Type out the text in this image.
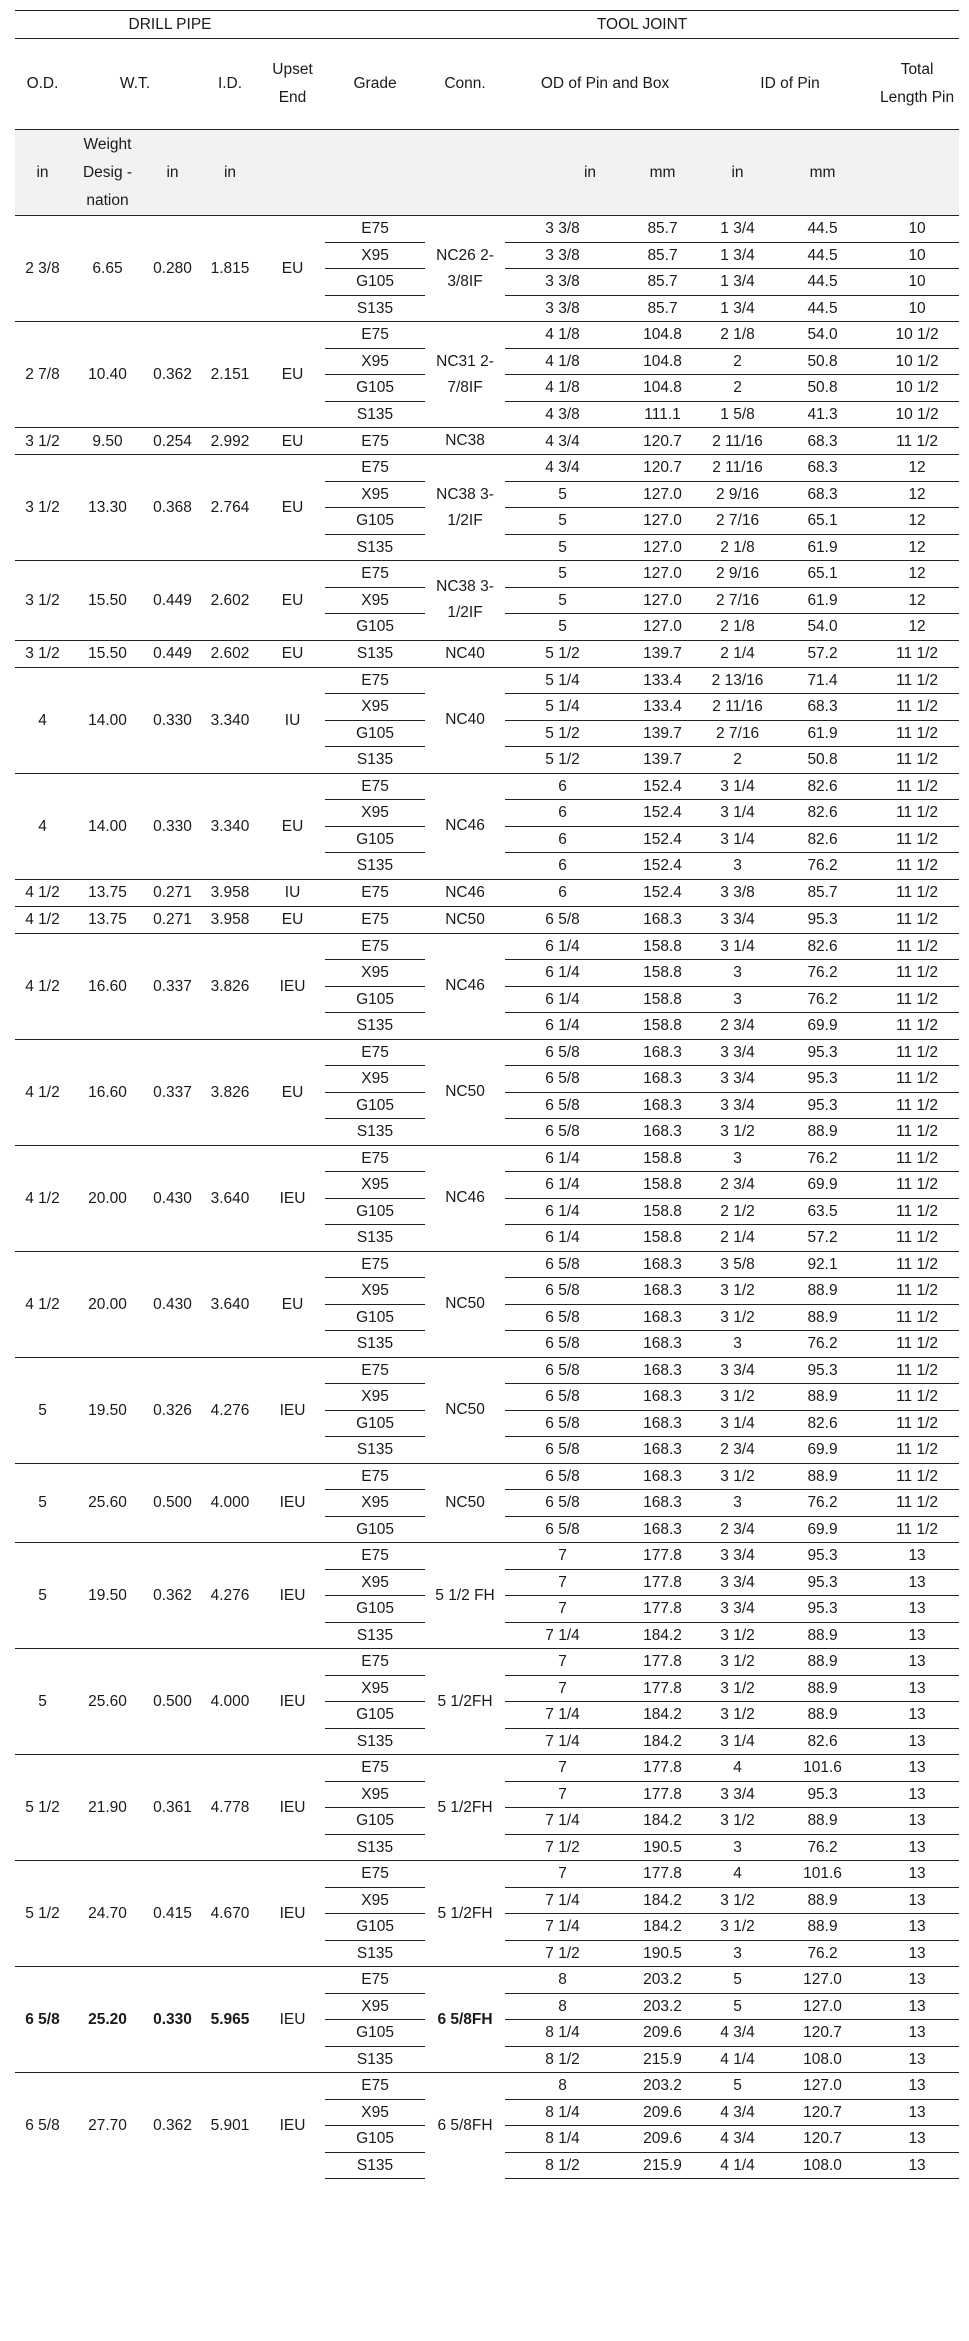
DRILL PIPE					TOOL JOINT							
O.D.	W.T.		I.D.	Upset End	Grade	Conn.	OD of Pin and Box			ID of Pin		Total Length Pin
in	Weight Desig -nation	in	in					in	mm	in	mm	
2 3/8	6.65	0.280	1.815	EU	E75	NC26 2-3/8IF	3 3/8		85.7	1 3/4	44.5	10
					X95		3 3/8		85.7	1 3/4	44.5	10
					G105		3 3/8		85.7	1 3/4	44.5	10
					S135		3 3/8		85.7	1 3/4	44.5	10
2 7/8	10.40	0.362	2.151	EU	E75	NC31 2-7/8IF	4 1/8		104.8	2 1/8	54.0	10 1/2
					X95		4 1/8		104.8	2	50.8	10 1/2
					G105		4 1/8		104.8	2	50.8	10 1/2
					S135		4 3/8		111.1	1 5/8	41.3	10 1/2
3 1/2	9.50	0.254	2.992	EU	E75	NC38	4 3/4		120.7	2 11/16	68.3	11 1/2
3 1/2	13.30	0.368	2.764	EU	E75	NC38 3-1/2IF	4 3/4		120.7	2 11/16	68.3	12
					X95		5		127.0	2 9/16	68.3	12
					G105		5		127.0	2 7/16	65.1	12
					S135		5		127.0	2 1/8	61.9	12
3 1/2	15.50	0.449	2.602	EU	E75	NC38 3-1/2IF	5		127.0	2 9/16	65.1	12
					X95		5		127.0	2 7/16	61.9	12
					G105		5		127.0	2 1/8	54.0	12
3 1/2	15.50	0.449	2.602	EU	S135	NC40	5 1/2		139.7	2 1/4	57.2	11 1/2
4	14.00	0.330	3.340	IU	E75	NC40	5 1/4		133.4	2 13/16	71.4	11 1/2
					X95		5 1/4		133.4	2 11/16	68.3	11 1/2
					G105		5 1/2		139.7	2 7/16	61.9	11 1/2
					S135		5 1/2		139.7	2	50.8	11 1/2
4	14.00	0.330	3.340	EU	E75	NC46	6		152.4	3 1/4	82.6	11 1/2
					X95		6		152.4	3 1/4	82.6	11 1/2
					G105		6		152.4	3 1/4	82.6	11 1/2
					S135		6		152.4	3	76.2	11 1/2
4 1/2	13.75	0.271	3.958	IU	E75	NC46	6		152.4	3 3/8	85.7	11 1/2
4 1/2	13.75	0.271	3.958	EU	E75	NC50	6 5/8		168.3	3 3/4	95.3	11 1/2
4 1/2	16.60	0.337	3.826	IEU	E75	NC46	6 1/4		158.8	3 1/4	82.6	11 1/2
					X95		6 1/4		158.8	3	76.2	11 1/2
					G105		6 1/4		158.8	3	76.2	11 1/2
					S135		6 1/4		158.8	2 3/4	69.9	11 1/2
4 1/2	16.60	0.337	3.826	EU	E75	NC50	6 5/8		168.3	3 3/4	95.3	11 1/2
					X95		6 5/8		168.3	3 3/4	95.3	11 1/2
					G105		6 5/8		168.3	3 3/4	95.3	11 1/2
					S135		6 5/8		168.3	3 1/2	88.9	11 1/2
4 1/2	20.00	0.430	3.640	IEU	E75	NC46	6 1/4		158.8	3	76.2	11 1/2
					X95		6 1/4		158.8	2 3/4	69.9	11 1/2
					G105		6 1/4		158.8	2 1/2	63.5	11 1/2
					S135		6 1/4		158.8	2 1/4	57.2	11 1/2
4 1/2	20.00	0.430	3.640	EU	E75	NC50	6 5/8		168.3	3 5/8	92.1	11 1/2
					X95		6 5/8		168.3	3 1/2	88.9	11 1/2
					G105		6 5/8		168.3	3 1/2	88.9	11 1/2
					S135		6 5/8		168.3	3	76.2	11 1/2
5	19.50	0.326	4.276	IEU	E75	NC50	6 5/8		168.3	3 3/4	95.3	11 1/2
					X95		6 5/8		168.3	3 1/2	88.9	11 1/2
					G105		6 5/8		168.3	3 1/4	82.6	11 1/2
					S135		6 5/8		168.3	2 3/4	69.9	11 1/2
5	25.60	0.500	4.000	IEU	E75	NC50	6 5/8		168.3	3 1/2	88.9	11 1/2
					X95		6 5/8		168.3	3	76.2	11 1/2
					G105		6 5/8		168.3	2 3/4	69.9	11 1/2
5	19.50	0.362	4.276	IEU	E75	5 1/2 FH	7		177.8	3 3/4	95.3	13
					X95		7		177.8	3 3/4	95.3	13
					G105		7		177.8	3 3/4	95.3	13
					S135		7 1/4		184.2	3 1/2	88.9	13
5	25.60	0.500	4.000	IEU	E75	5 1/2FH	7		177.8	3 1/2	88.9	13
					X95		7		177.8	3 1/2	88.9	13
					G105		7 1/4		184.2	3 1/2	88.9	13
					S135		7 1/4		184.2	3 1/4	82.6	13
5 1/2	21.90	0.361	4.778	IEU	E75	5 1/2FH	7		177.8	4	101.6	13
					X95		7		177.8	3 3/4	95.3	13
					G105		7 1/4		184.2	3 1/2	88.9	13
					S135		7 1/2		190.5	3	76.2	13
5 1/2	24.70	0.415	4.670	IEU	E75	5 1/2FH	7		177.8	4	101.6	13
					X95		7 1/4		184.2	3 1/2	88.9	13
					G105		7 1/4		184.2	3 1/2	88.9	13
					S135		7 1/2		190.5	3	76.2	13
6 5/8	25.20	0.330	5.965	IEU	E75	6 5/8FH	8		203.2	5	127.0	13
					X95		8		203.2	5	127.0	13
					G105		8 1/4		209.6	4 3/4	120.7	13
					S135		8 1/2		215.9	4 1/4	108.0	13
6 5/8	27.70	0.362	5.901	IEU	E75	6 5/8FH	8		203.2	5	127.0	13
					X95		8 1/4		209.6	4 3/4	120.7	13
					G105		8 1/4		209.6	4 3/4	120.7	13
					S135		8 1/2		215.9	4 1/4	108.0	13
